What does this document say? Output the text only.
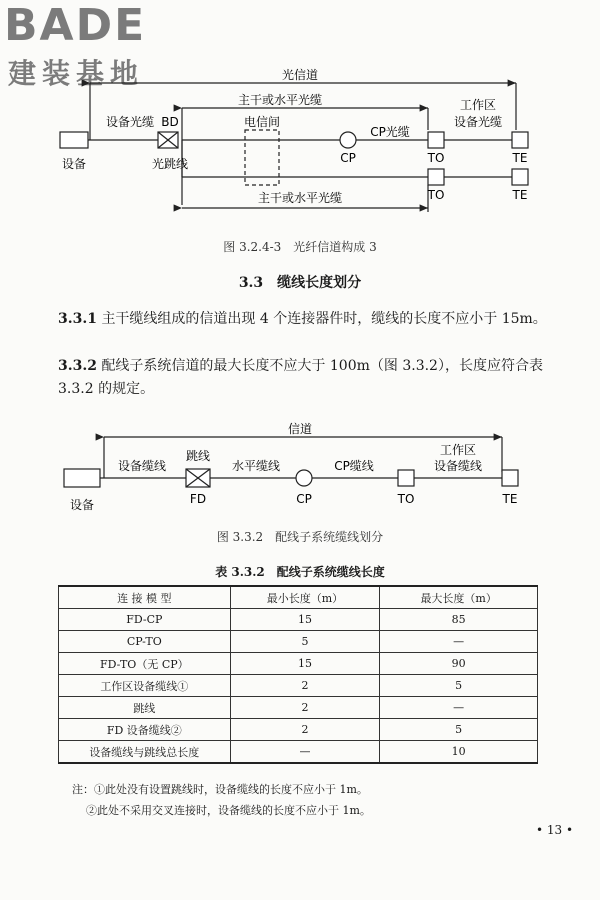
BADE
建装基地	光信道
设备光缆 BD
主干或水平光缆
电信间
CP光缆
工作区
设备光缆
设备	光跳线	CP	TO	TE
TO	TE
主干或水平光缆
图 3.2.4-3　光纤信道构成 3
3.3　缆线长度划分
3.3.1 主干缆线组成的信道出现 4 个连接器件时，缆线的长度不应小于 15m。
3.3.2 配线子系统信道的最大长度不应大于 100m（图 3.3.2），长度应符合表 3.3.2 的规定。
信道
设备缆线
跳线
水平缆线	CP缆线
工作区
设备缆线
设备	FD	CP	TO	TE
图 3.3.2　配线子系统缆线划分
表 3.3.2　配线子系统缆线长度
连 接 模 型	最小长度（m）	最大长度（m）
FD-CP	15	85
CP-TO	5	—
FD-TO（无 CP）	15	90
工作区设备缆线①	2	5
跳线	2	—
FD 设备缆线②	2	5
设备缆线与跳线总长度	—	10
注：①此处没有设置跳线时，设备缆线的长度不应小于 1m。
②此处不采用交叉连接时，设备缆线的长度不应小于 1m。
• 13 •
